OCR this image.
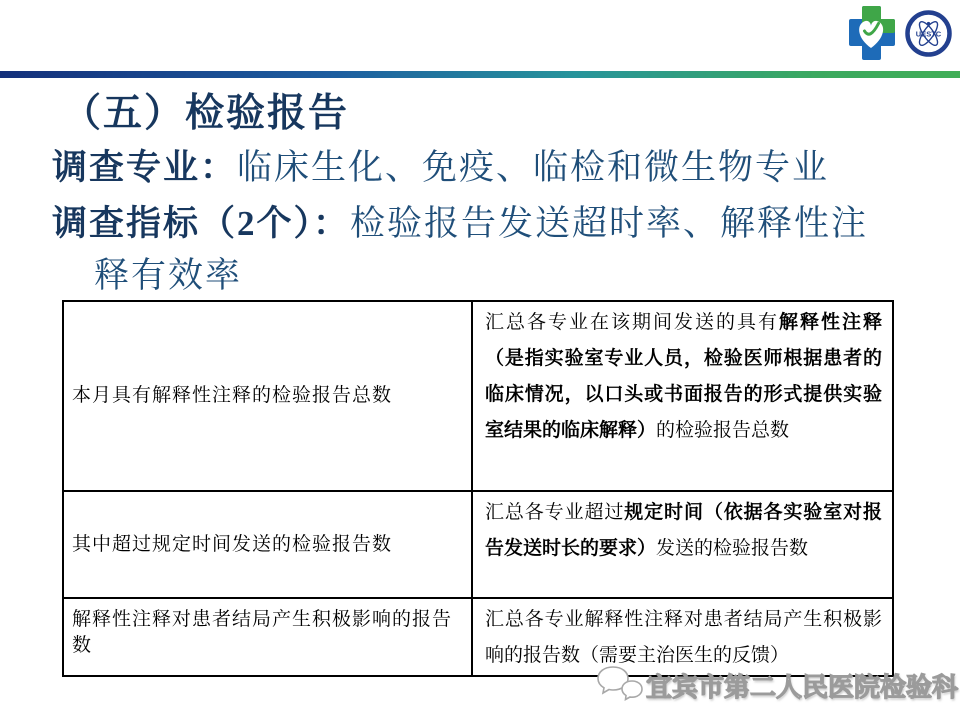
UESTC
（五）检验报告
调查专业：临床生化、免疫、临检和微生物专业
调查指标（2个）：检验报告发送超时率、解释性注
释有效率
本月具有解释性注释的检验报告总数	汇总各专业在该期间发送的具有解释性注释（是指实验室专业人员，检验医师根据患者的临床情况，以口头或书面报告的形式提供实验室结果的临床解释）的检验报告总数
其中超过规定时间发送的检验报告数	汇总各专业超过规定时间（依据各实验室对报告发送时长的要求）发送的检验报告数
解释性注释对患者结局产生积极影响的报告数	汇总各专业解释性注释对患者结局产生积极影响的报告数（需要主治医生的反馈）
宜宾市第二人民医院检验科
